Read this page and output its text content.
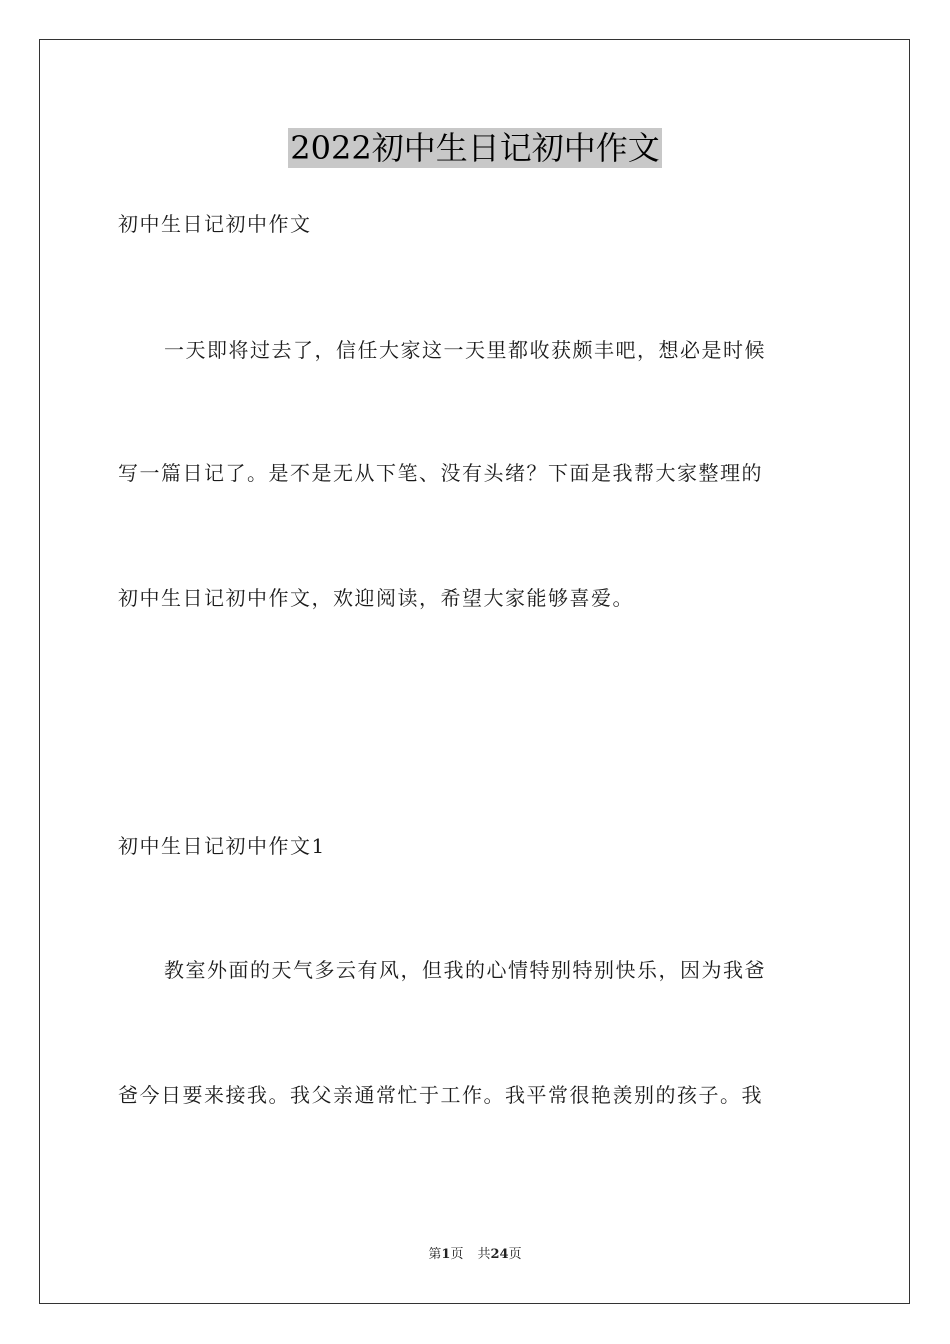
2022初中生日记初中作文
初中生日记初中作文
一天即将过去了，信任大家这一天里都收获颇丰吧，想必是时候
写一篇日记了。是不是无从下笔、没有头绪？下面是我帮大家整理的
初中生日记初中作文，欢迎阅读，希望大家能够喜爱。
初中生日记初中作文1
教室外面的天气多云有风，但我的心情特别特别快乐，因为我爸
爸今日要来接我。我父亲通常忙于工作。我平常很艳羡别的孩子。我
第1页 共24页
